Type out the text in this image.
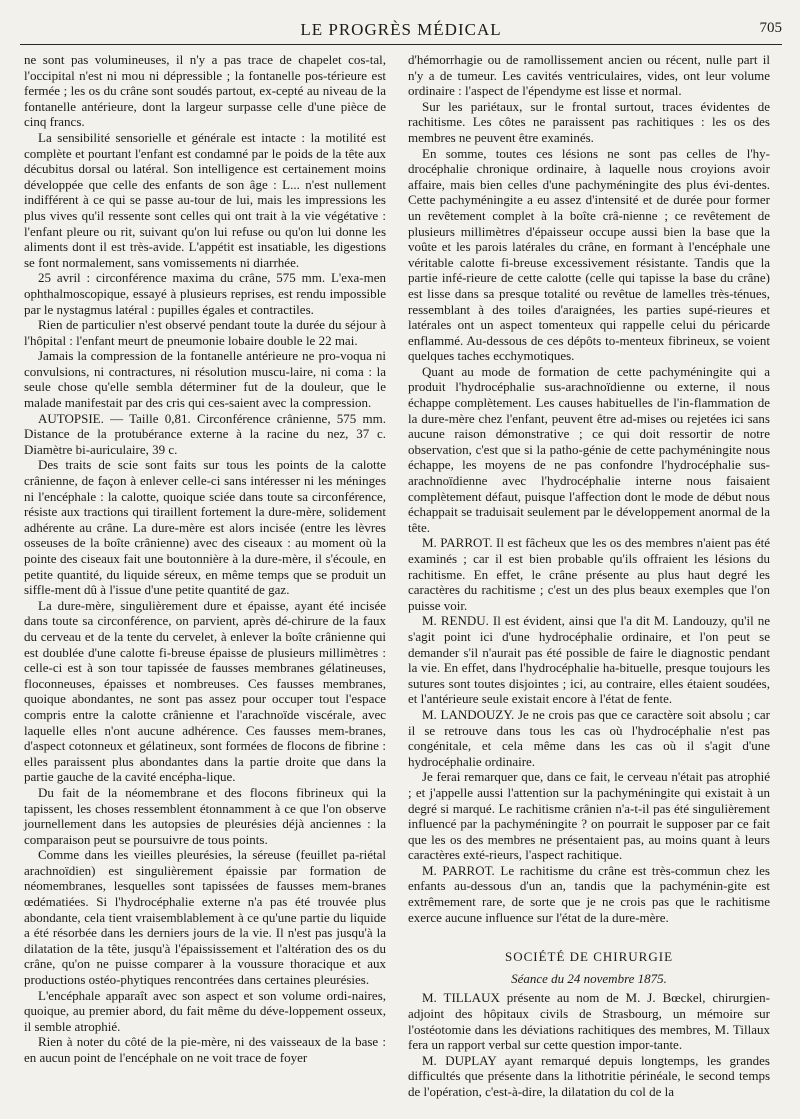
LE PROGRÈS MÉDICAL	705

ne sont pas volumineuses, il n'y a pas trace de chapelet cos-tal, l'occipital n'est ni mou ni dépressible ; la fontanelle pos-térieure est fermée ; les os du crâne sont soudés partout, ex-cepté au niveau de la fontanelle antérieure, dont la largeur surpasse celle d'une pièce de cinq francs.

La sensibilité sensorielle et générale est intacte : la motilité est complète et pourtant l'enfant est condamné par le poids de la tête aux décubitus dorsal ou latéral. Son intelligence est certainement moins développée que celle des enfants de son âge : L... n'est nullement indifférent à ce qui se passe au-tour de lui, mais les impressions les plus vives qu'il ressente sont celles qui ont trait à la vie végétative : l'enfant pleure ou rit, suivant qu'on lui refuse ou qu'on lui donne les aliments dont il est très-avide. L'appétit est insatiable, les digestions se font normalement, sans vomissements ni diarrhée.

25 avril : circonférence maxima du crâne, 575 mm. L'exa-men ophthalmoscopique, essayé à plusieurs reprises, est rendu impossible par le nystagmus latéral : pupilles égales et contractiles.

Rien de particulier n'est observé pendant toute la durée du séjour à l'hôpital : l'enfant meurt de pneumonie lobaire double le 22 mai.

Jamais la compression de la fontanelle antérieure ne pro-voqua ni convulsions, ni contractures, ni résolution muscu-laire, ni coma : la seule chose qu'elle sembla déterminer fut de la douleur, que le malade manifestait par des cris qui ces-saient avec la compression.

AUTOPSIE. — Taille 0,81. Circonférence crânienne, 575 mm. Distance de la protubérance externe à la racine du nez, 37 c. Diamètre bi-auriculaire, 39 c.

Des traits de scie sont faits sur tous les points de la calotte crânienne, de façon à enlever celle-ci sans intéresser ni les méninges ni l'encéphale : la calotte, quoique sciée dans toute sa circonférence, résiste aux tractions qui tiraillent fortement la dure-mère, solidement adhérente au crâne. La dure-mère est alors incisée (entre les lèvres osseuses de la boîte crânienne) avec des ciseaux : au moment où la pointe des ciseaux fait une boutonnière à la dure-mère, il s'écoule, en petite quantité, du liquide séreux, en même temps que se produit un siffle-ment dû à l'issue d'une petite quantité de gaz.

La dure-mère, singulièrement dure et épaisse, ayant été incisée dans toute sa circonférence, on parvient, après dé-chirure de la faux du cerveau et de la tente du cervelet, à enlever la boîte crânienne qui est doublée d'une calotte fi-breuse épaisse de plusieurs millimètres : celle-ci est à son tour tapissée de fausses membranes gélatineuses, floconneuses, épaisses et nombreuses. Ces fausses membranes, quoique abondantes, ne sont pas assez pour occuper tout l'espace compris entre la calotte crânienne et l'arachnoïde viscérale, avec laquelle elles n'ont aucune adhérence. Ces fausses mem-branes, d'aspect cotonneux et gélatineux, sont formées de flocons de fibrine : elles paraissent plus abondantes dans la partie droite que dans la partie gauche de la cavité encépha-lique.

Du fait de la néomembrane et des flocons fibrineux qui la tapissent, les choses ressemblent étonnamment à ce que l'on observe journellement dans les autopsies de pleurésies déjà anciennes : la comparaison peut se poursuivre de tous points.

Comme dans les vieilles pleurésies, la séreuse (feuillet pa-riétal arachnoïdien) est singulièrement épaissie par formation de néomembranes, lesquelles sont tapissées de fausses mem-branes œdématiées. Si l'hydrocéphalie externe n'a pas été trouvée plus abondante, cela tient vraisemblablement à ce qu'une partie du liquide a été résorbée dans les derniers jours de la vie. Il n'est pas jusqu'à la dilatation de la tête, jusqu'à l'épaississement et l'altération des os du crâne, qu'on ne puisse comparer à la voussure thoracique et aux productions ostéo-phytiques rencontrées dans certaines pleurésies.

L'encéphale apparaît avec son aspect et son volume ordi-naires, quoique, au premier abord, du fait même du déve-loppement osseux, il semble atrophié.

Rien à noter du côté de la pie-mère, ni des vaisseaux de la base : en aucun point de l'encéphale on ne voit trace de foyer

d'hémorrhagie ou de ramollissement ancien ou récent, nulle part il n'y a de tumeur. Les cavités ventriculaires, vides, ont leur volume ordinaire : l'aspect de l'épendyme est lisse et normal.

Sur les pariétaux, sur le frontal surtout, traces évidentes de rachitisme. Les côtes ne paraissent pas rachitiques : les os des membres ne peuvent être examinés.

En somme, toutes ces lésions ne sont pas celles de l'hy-drocéphalie chronique ordinaire, à laquelle nous croyions avoir affaire, mais bien celles d'une pachyméningite des plus évi-dentes. Cette pachyméningite a eu assez d'intensité et de durée pour former un revêtement complet à la boîte crâ-nienne ; ce revêtement de plusieurs millimètres d'épaisseur occupe aussi bien la base que la voûte et les parois latérales du crâne, en formant à l'encéphale une véritable calotte fi-breuse excessivement résistante. Tandis que la partie infé-rieure de cette calotte (celle qui tapisse la base du crâne) est lisse dans sa presque totalité ou revêtue de lamelles très-ténues, ressemblant à des toiles d'araignées, les parties supé-rieures et latérales ont un aspect tomenteux qui rappelle celui du péricarde enflammé. Au-dessous de ces dépôts to-menteux fibrineux, se voient quelques taches ecchymotiques.

Quant au mode de formation de cette pachyméningite qui a produit l'hydrocéphalie sus-arachnoïdienne ou externe, il nous échappe complètement. Les causes habituelles de l'in-flammation de la dure-mère chez l'enfant, peuvent être ad-mises ou rejetées ici sans aucune raison démonstrative ; ce qui doit ressortir de notre observation, c'est que si la patho-génie de cette pachyméningite nous échappe, les moyens de ne pas confondre l'hydrocéphalie sus-arachnoïdienne avec l'hydrocéphalie interne nous faisaient complètement défaut, puisque l'affection dont le mode de début nous échappait se traduisait seulement par le développement anormal de la tête.

M. PARROT. Il est fâcheux que les os des membres n'aient pas été examinés ; car il est bien probable qu'ils offraient les lésions du rachitisme. En effet, le crâne présente au plus haut degré les caractères du rachitisme ; c'est un des plus beaux exemples que l'on puisse voir.

M. RENDU. Il est évident, ainsi que l'a dit M. Landouzy, qu'il ne s'agit point ici d'une hydrocéphalie ordinaire, et l'on peut se demander s'il n'aurait pas été possible de faire le diagnostic pendant la vie. En effet, dans l'hydrocéphalie ha-bituelle, presque toujours les sutures sont toutes disjointes ; ici, au contraire, elles étaient soudées, et l'antérieure seule existait encore à l'état de fente.

M. LANDOUZY. Je ne crois pas que ce caractère soit absolu ; car il se retrouve dans tous les cas où l'hydrocéphalie n'est pas congénitale, et cela même dans les cas où il s'agit d'une hydrocéphalie ordinaire.

Je ferai remarquer que, dans ce fait, le cerveau n'était pas atrophié ; et j'appelle aussi l'attention sur la pachyméningite qui existait à un degré si marqué. Le rachitisme crânien n'a-t-il pas été singulièrement influencé par la pachyméningite ? on pourrait le supposer par ce fait que les os des membres ne présentaient pas, au moins quant à leurs caractères exté-rieurs, l'aspect rachitique.

M. PARROT. Le rachitisme du crâne est très-commun chez les enfants au-dessous d'un an, tandis que la pachyménin-gite est extrêmement rare, de sorte que je ne crois pas que le rachitisme exerce aucune influence sur l'état de la dure-mère.

SOCIÉTÉ DE CHIRURGIE
Séance du 24 novembre 1875.

M. TILLAUX présente au nom de M. J. Bœckel, chirurgien-adjoint des hôpitaux civils de Strasbourg, un mémoire sur l'ostéotomie dans les déviations rachitiques des membres, M. Tillaux fera un rapport verbal sur cette question impor-tante.

M. DUPLAY ayant remarqué depuis longtemps, les grandes difficultés que présente dans la lithotritie périnéale, le second temps de l'opération, c'est-à-dire, la dilatation du col de la
